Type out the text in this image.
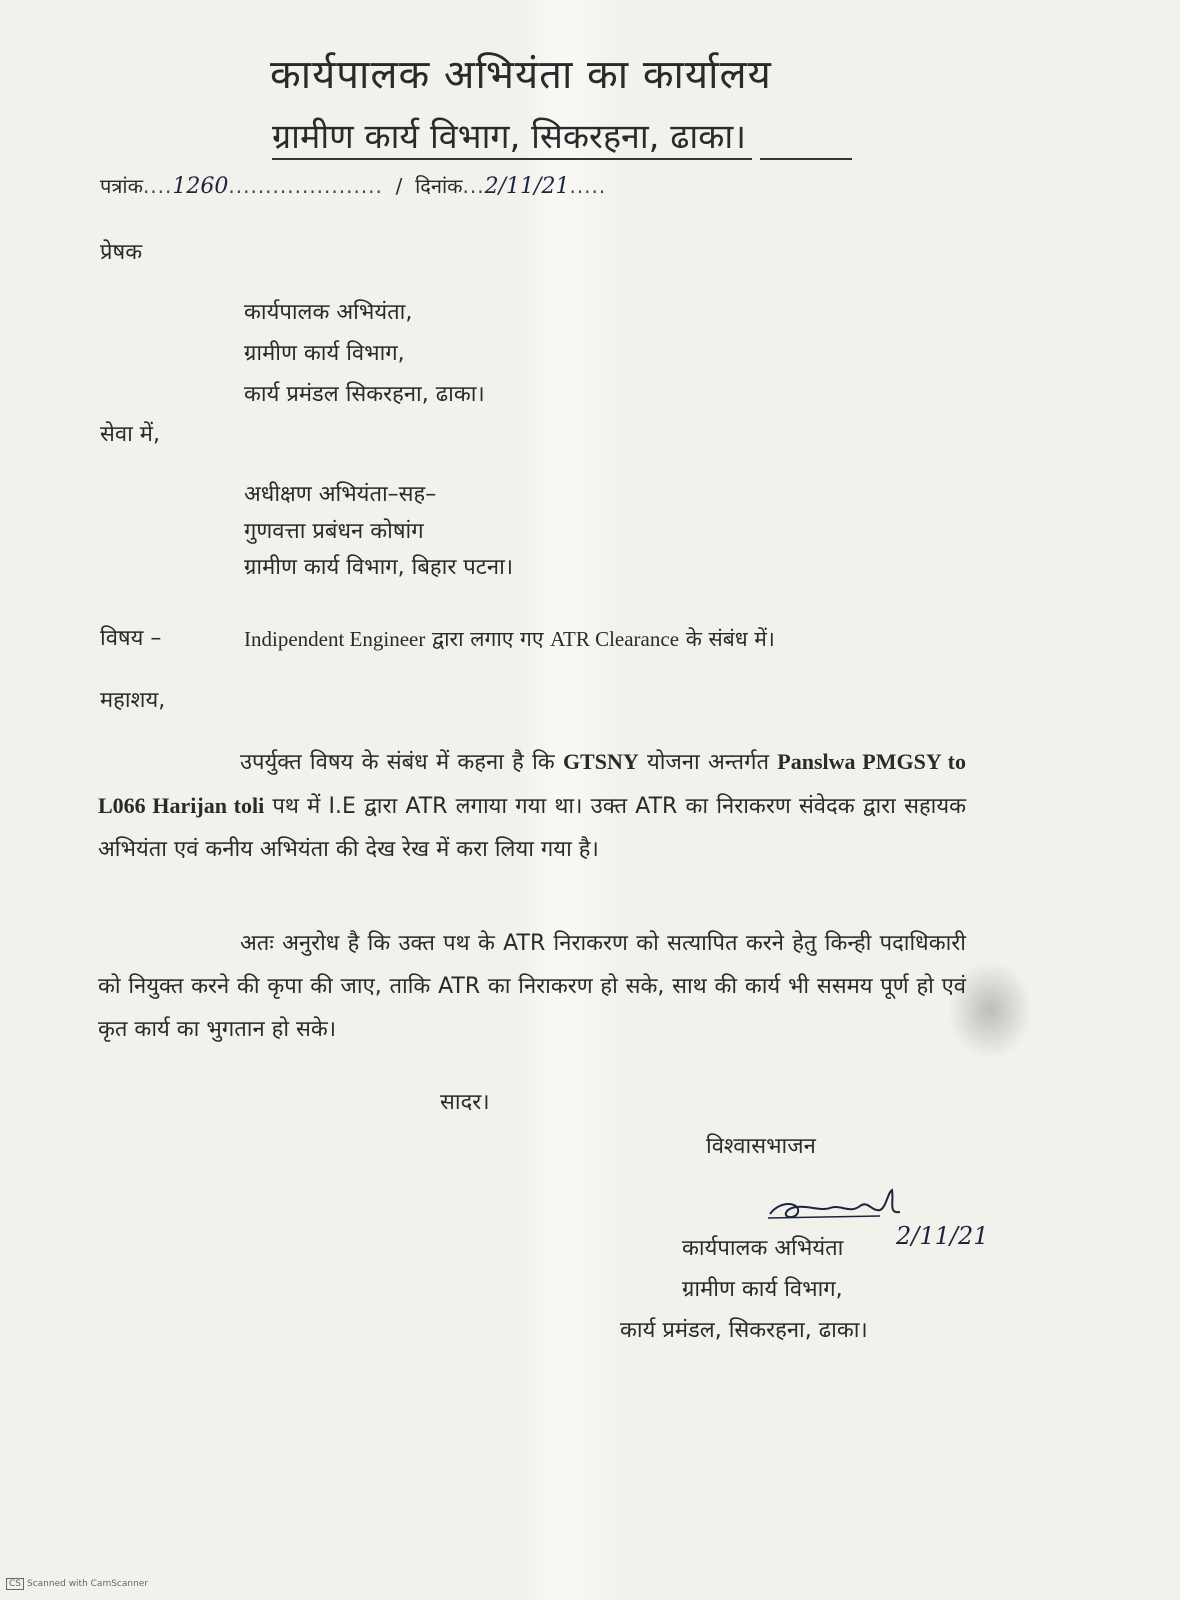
कार्यपालक अभियंता का कार्यालय
ग्रामीण कार्य विभाग, सिकरहना, ढाका।
पत्रांक....1260..................... / दिनांक...2/11/21.....
प्रेषक
कार्यपालक अभियंता,
ग्रामीण कार्य विभाग,
कार्य प्रमंडल सिकरहना, ढाका।
सेवा में,
अधीक्षण अभियंता–सह–
गुणवत्ता प्रबंधन कोषांग
ग्रामीण कार्य विभाग, बिहार पटना।
विषय –	Indipendent Engineer द्वारा लगाए गए ATR Clearance के संबंध में।
महाशय,
उपर्युक्त विषय के संबंध में कहना है कि GTSNY योजना अन्तर्गत Panslwa PMGSY to L066 Harijan toli पथ में I.E द्वारा ATR लगाया गया था। उक्त ATR का निराकरण संवेदक द्वारा सहायक अभियंता एवं कनीय अभियंता की देख रेख में करा लिया गया है।
अतः अनुरोध है कि उक्त पथ के ATR निराकरण को सत्यापित करने हेतु किन्ही पदाधिकारी को नियुक्त करने की कृपा की जाए, ताकि ATR का निराकरण हो सके, साथ की कार्य भी ससमय पूर्ण हो एवं कृत कार्य का भुगतान हो सके।
सादर।
विश्वासभाजन
2/11/21
कार्यपालक अभियंता
ग्रामीण कार्य विभाग,
कार्य प्रमंडल, सिकरहना, ढाका।
CS Scanned with CamScanner
